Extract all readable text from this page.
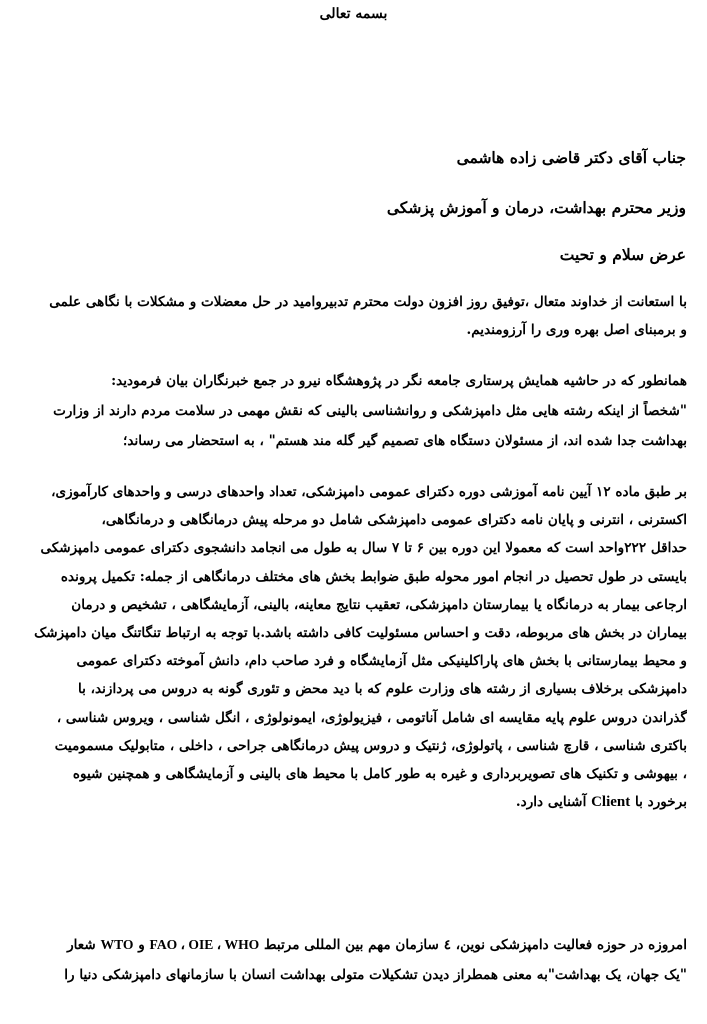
بسمه تعالی
جناب آقای دکتر قاضی زاده هاشمی
وزیر محترم بهداشت، درمان و آموزش پزشکی
عرض سلام و تحیت
با استعانت از خداوند متعال ،توفیق روز افزون دولت محترم تدبیروامید در حل معضلات و مشکلات با نگاهی علمی
و برمبنای اصل بهره وری را آرزومندیم.
همانطور که در حاشیه همایش پرستاری جامعه نگر در پژوهشگاه نیرو در جمع خبرنگاران بیان فرمودید:
"شخصاً از اینکه رشته هایی مثل دامپزشکی و روانشناسی بالینی که نقش مهمی در سلامت مردم دارند از وزارت
بهداشت جدا شده اند، از مسئولان دستگاه های تصمیم گیر گله مند هستم" ، به استحضار می رساند؛
بر طبق ماده ۱۲ آیین نامه آموزشی دوره دکترای عمومی دامپزشکی، تعداد واحدهای درسی و واحدهای کارآموزی،
اکسترنی ، انترنی و پایان نامه دکترای عمومی دامپزشکی شامل دو مرحله پیش درمانگاهی و درمانگاهی،
حداقل ۲۲۲واحد است که معمولا این دوره بین ۶ تا ۷ سال به طول می انجامد دانشجوی دکترای عمومی دامپزشکی
بایستی در طول تحصیل در انجام امور محوله طبق ضوابط بخش های مختلف درمانگاهی از جمله: تکمیل پرونده
ارجاعی بیمار به درمانگاه یا بیمارستان دامپزشکی، تعقیب نتایج معاینه، بالینی، آزمایشگاهی ، تشخیص و درمان
بیماران در بخش های مربوطه، دقت و احساس مسئولیت کافی داشته باشد.با توجه به ارتباط تنگاتنگ میان دامپزشک
و محیط بیمارستانی با بخش های پاراکلینیکی مثل آزمایشگاه و فرد صاحب دام، دانش آموخته دکترای عمومی
دامپزشکی برخلاف بسیاری از رشته های وزارت علوم که با دید محض و تئوری گونه به دروس می پردازند، با
گذراندن دروس علوم پایه مقایسه ای شامل آناتومی ، فیزیولوژی، ایمونولوژی ، انگل شناسی ، ویروس شناسی ،
باکتری شناسی ، قارچ شناسی ، پاتولوژی، ژنتیک و دروس پیش درمانگاهی جراحی ، داخلی ، متابولیک مسمومیت
، بیهوشی و تکنیک های تصویربرداری و غیره به طور کامل با محیط های بالینی و آزمایشگاهی و همچنین شیوه
برخورد با Client آشنایی دارد.
امروزه در حوزه فعالیت دامپزشکی نوین، ٤ سازمان مهم بین المللی مرتبط FAO ، OIE ، WHO و WTO شعار
"یک جهان، یک بهداشت"به معنی همطراز دیدن تشکیلات متولی بهداشت انسان با سازمانهای دامپزشکی دنیا را
